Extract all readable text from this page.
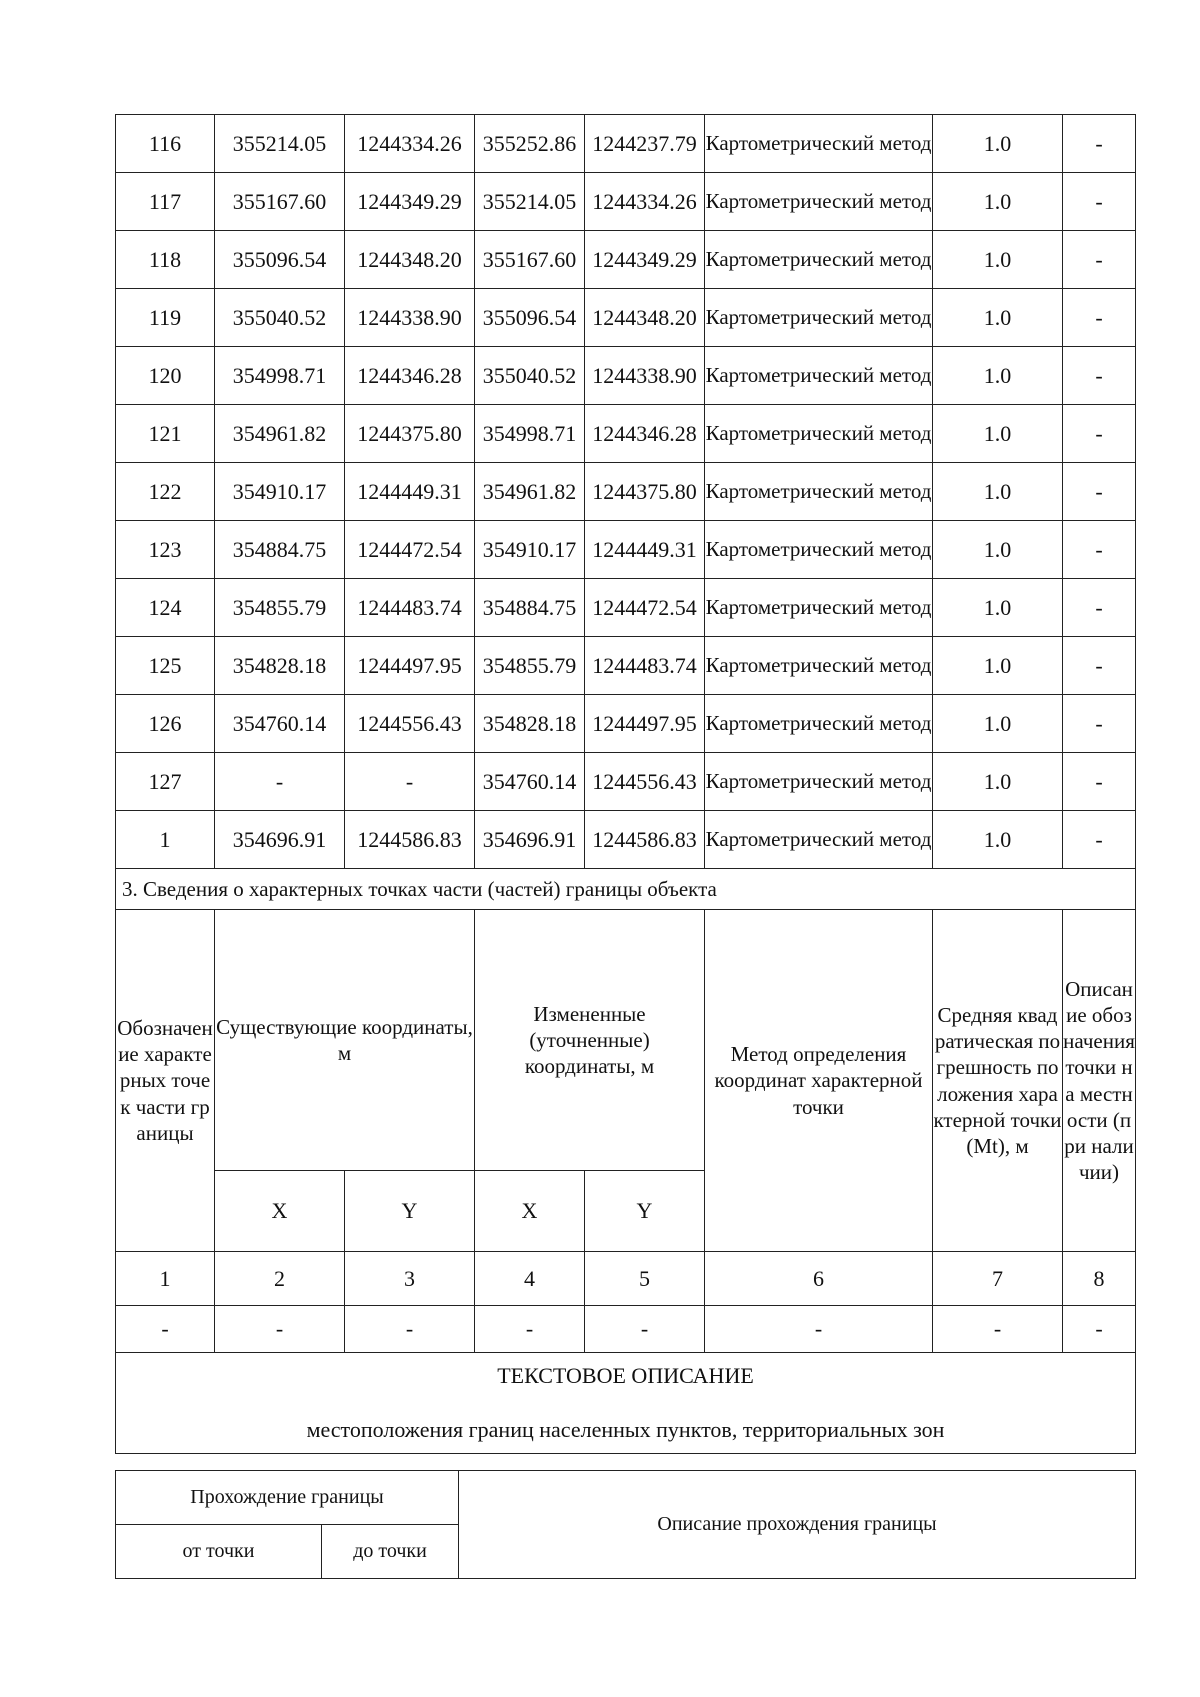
116	355214.05	1244334.26	355252.86	1244237.79	Картометрический метод	1.0	-
117	355167.60	1244349.29	355214.05	1244334.26	Картометрический метод	1.0	-
118	355096.54	1244348.20	355167.60	1244349.29	Картометрический метод	1.0	-
119	355040.52	1244338.90	355096.54	1244348.20	Картометрический метод	1.0	-
120	354998.71	1244346.28	355040.52	1244338.90	Картометрический метод	1.0	-
121	354961.82	1244375.80	354998.71	1244346.28	Картометрический метод	1.0	-
122	354910.17	1244449.31	354961.82	1244375.80	Картометрический метод	1.0	-
123	354884.75	1244472.54	354910.17	1244449.31	Картометрический метод	1.0	-
124	354855.79	1244483.74	354884.75	1244472.54	Картометрический метод	1.0	-
125	354828.18	1244497.95	354855.79	1244483.74	Картометрический метод	1.0	-
126	354760.14	1244556.43	354828.18	1244497.95	Картометрический метод	1.0	-
127	-	-	354760.14	1244556.43	Картометрический метод	1.0	-
1	354696.91	1244586.83	354696.91	1244586.83	Картометрический метод	1.0	-
3. Сведения о характерных точках части (частей) границы объекта							
Обозначение характерных точек части границы	Существующие координаты, м		Измененные (уточненные) координаты, м		Метод определения координат характерной точки	Средняя квадратическая погрешность положения характерной точки (Mt), м	Описание обозначения точки на местности (при наличии)
	X	Y	X	Y			
1	2	3	4	5	6	7	8
-	-	-	-	-	-	-	-

ТЕКСТОВОЕ ОПИСАНИЕ
местоположения границ населенных пунктов, территориальных зон							
Прохождение границы		Описание прохождения границы
от точки	до точки	
